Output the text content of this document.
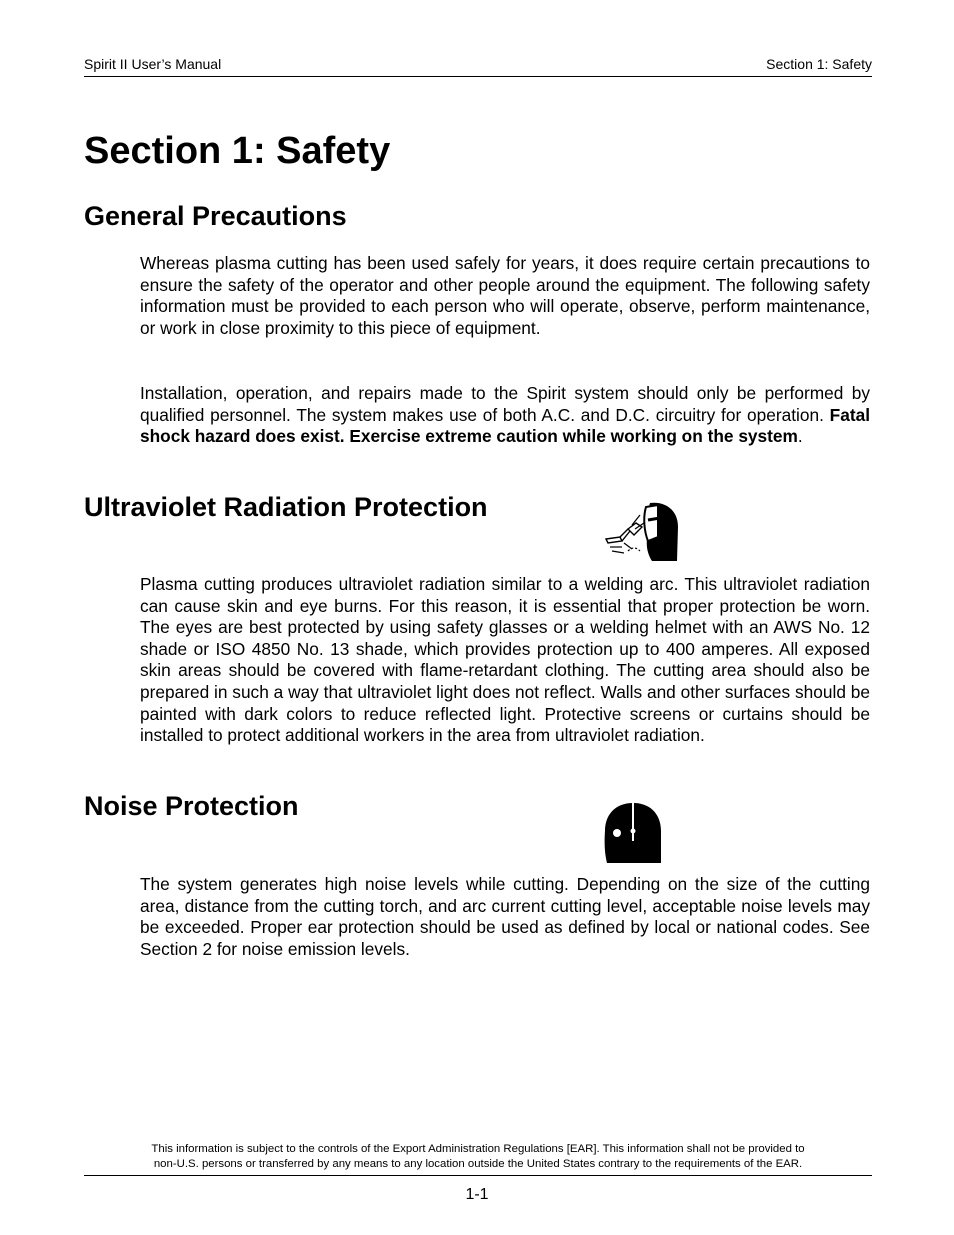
Spirit II User’s Manual	Section 1: Safety
Section 1: Safety
General Precautions

Whereas plasma cutting has been used safely for years, it does require certain precautions to ensure the safety of the operator and other people around the equipment. The following safety information must be provided to each person who will operate, observe, perform maintenance, or work in close proximity to this piece of equipment.

Installation, operation, and repairs made to the Spirit system should only be performed by qualified personnel. The system makes use of both A.C. and D.C. circuitry for operation. Fatal shock hazard does exist. Exercise extreme caution while working on the system.

Ultraviolet Radiation Protection

Plasma cutting produces ultraviolet radiation similar to a welding arc. This ultraviolet radiation can cause skin and eye burns. For this reason, it is essential that proper protection be worn. The eyes are best protected by using safety glasses or a welding helmet with an AWS No. 12 shade or ISO 4850 No. 13 shade, which provides protection up to 400 amperes. All exposed skin areas should be covered with flame-retardant clothing. The cutting area should also be prepared in such a way that ultraviolet light does not reflect. Walls and other surfaces should be painted with dark colors to reduce reflected light. Protective screens or curtains should be installed to protect additional workers in the area from ultraviolet radiation.

Noise Protection

The system generates high noise levels while cutting. Depending on the size of the cutting area, distance from the cutting torch, and arc current cutting level, acceptable noise levels may be exceeded. Proper ear protection should be used as defined by local or national codes. See Section 2 for noise emission levels.

This information is subject to the controls of the Export Administration Regulations [EAR]. This information shall not be provided to
non-U.S. persons or transferred by any means to any location outside the United States contrary to the requirements of the EAR.
1-1
